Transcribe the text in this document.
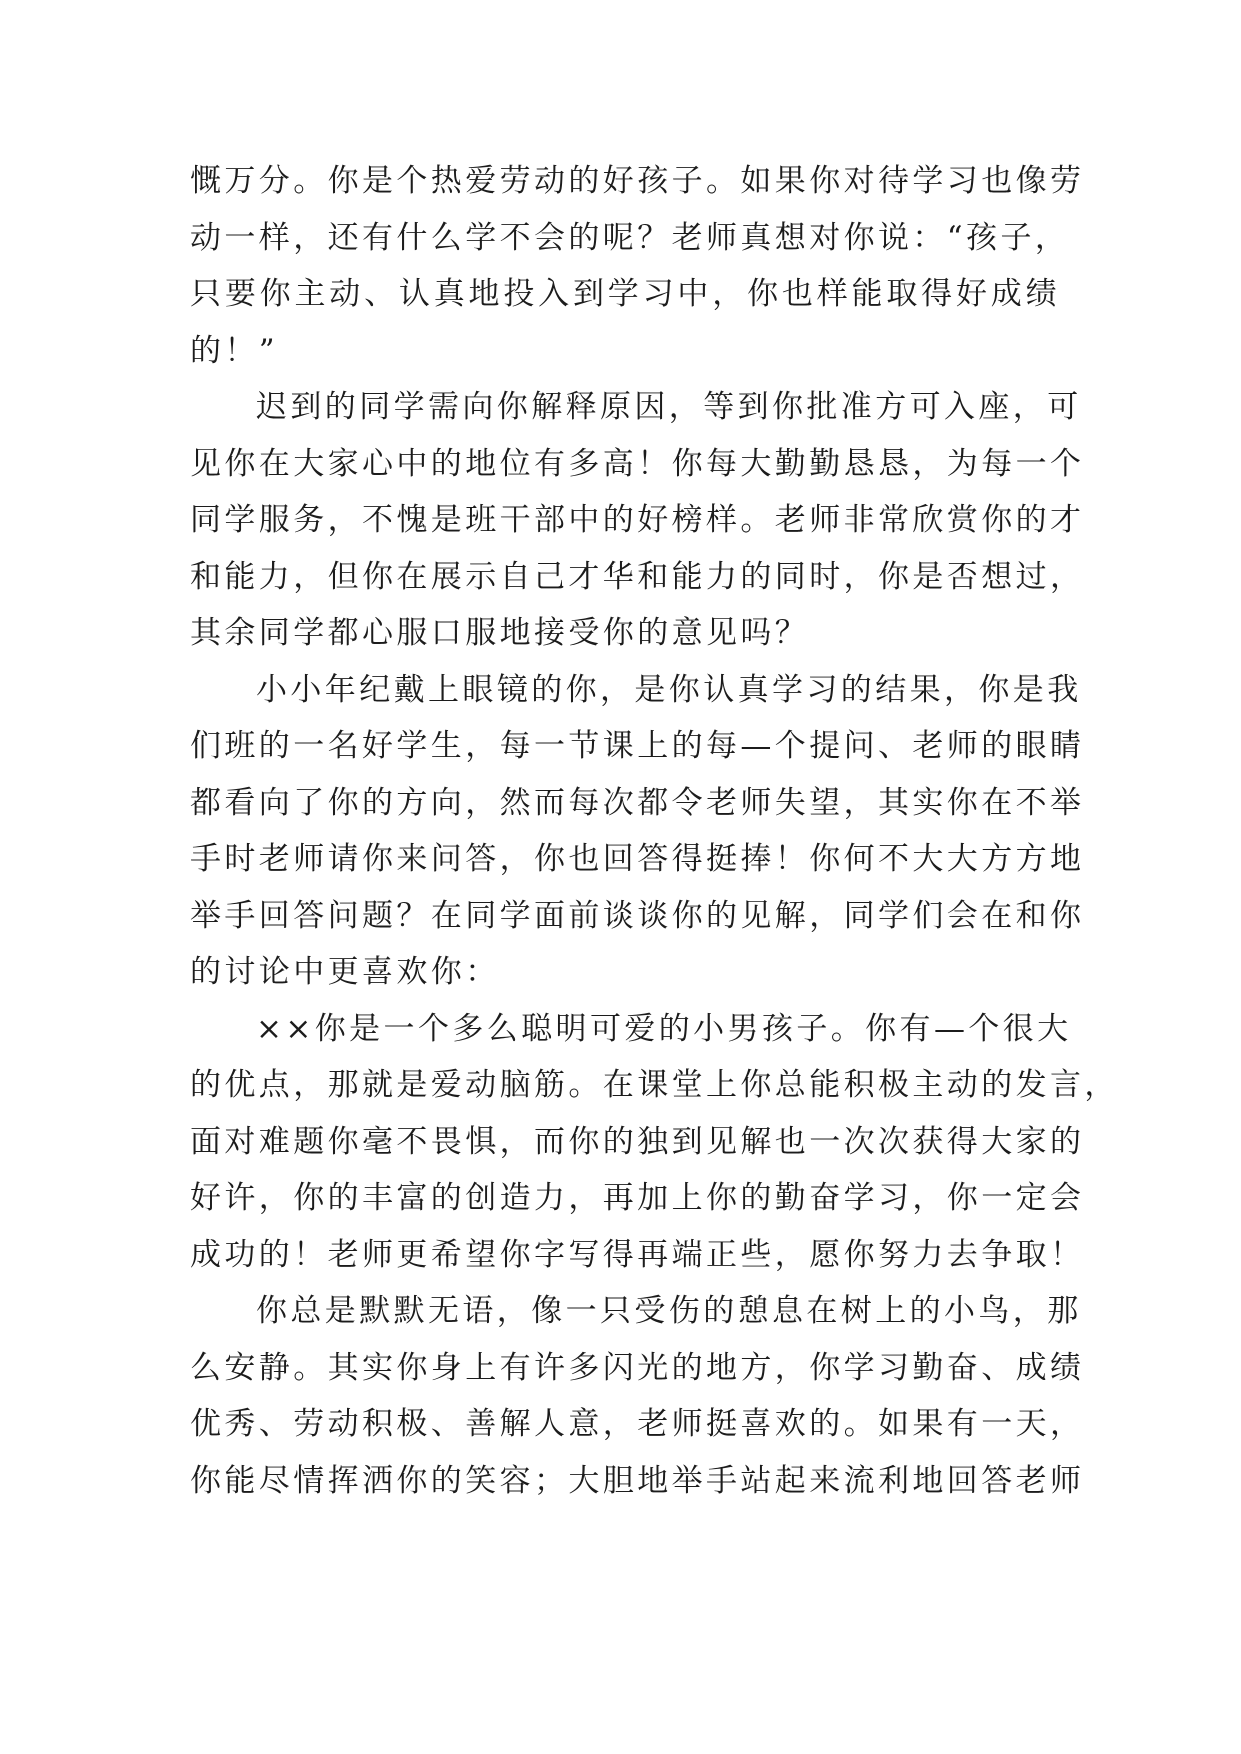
慨万分。你是个热爱劳动的好孩子。如果你对待学习也像劳
动一样，还有什么学不会的呢？老师真想对你说：“孩子，
只要你主动、认真地投入到学习中，你也样能取得好成绩
的！”
迟到的同学需向你解释原因，等到你批准方可入座，可
见你在大家心中的地位有多高！你每大勤勤恳恳，为每一个
同学服务，不愧是班干部中的好榜样。老师非常欣赏你的才
和能力，但你在展示自己才华和能力的同时，你是否想过，
其余同学都心服口服地接受你的意见吗？
小小年纪戴上眼镜的你，是你认真学习的结果，你是我
们班的一名好学生，每一节课上的每—个提问、老师的眼睛
都看向了你的方向，然而每次都令老师失望，其实你在不举
手时老师请你来问答，你也回答得挺捧！你何不大大方方地
举手回答问题？在同学面前谈谈你的见解，同学们会在和你
的讨论中更喜欢你：
××你是一个多么聪明可爱的小男孩子。你有—个很大
的优点，那就是爱动脑筋。在课堂上你总能积极主动的发言，
面对难题你毫不畏惧，而你的独到见解也一次次获得大家的
好许，你的丰富的创造力，再加上你的勤奋学习，你一定会
成功的！老师更希望你字写得再端正些，愿你努力去争取！
你总是默默无语，像一只受伤的憩息在树上的小鸟，那
么安静。其实你身上有许多闪光的地方，你学习勤奋、成绩
优秀、劳动积极、善解人意，老师挺喜欢的。如果有一天，
你能尽情挥洒你的笑容；大胆地举手站起来流利地回答老师
